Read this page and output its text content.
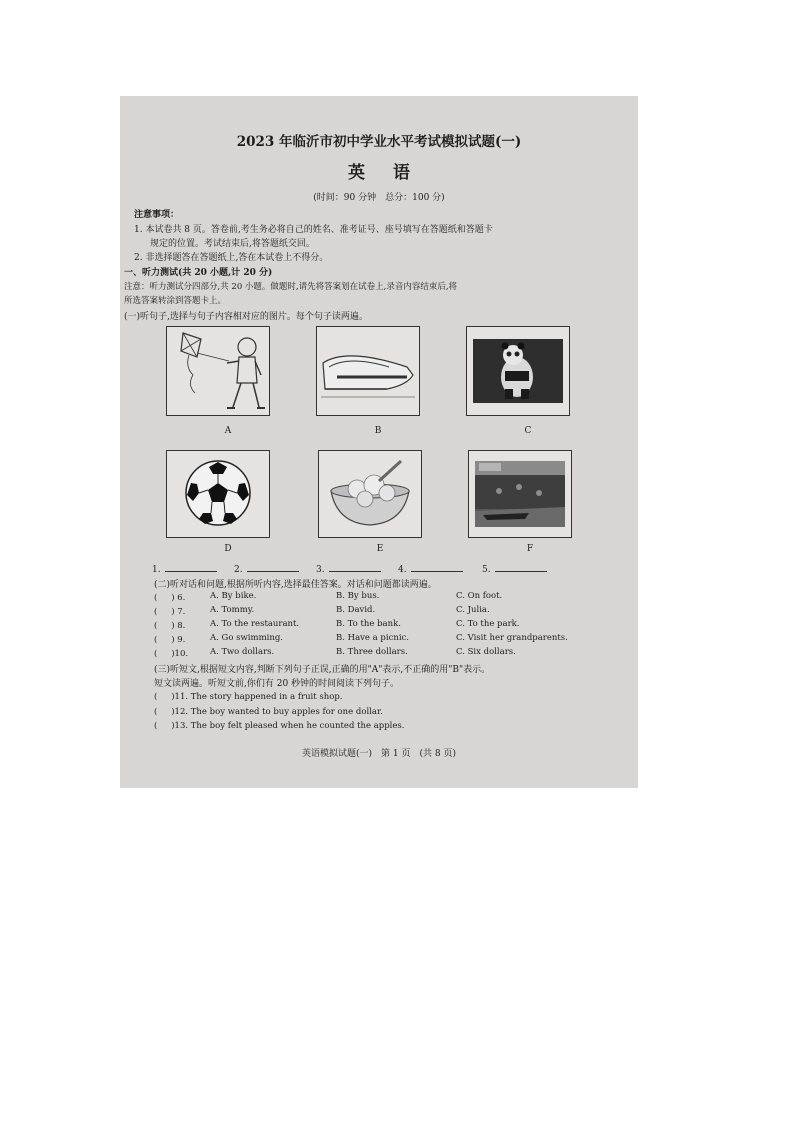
2023 年临沂市初中学业水平考试模拟试题(一)
英语
(时间：90 分钟　总分：100 分)
注意事项：
1. 本试卷共 8 页。答卷前,考生务必将自己的姓名、准考证号、座号填写在答题纸和答题卡
规定的位置。考试结束后,将答题纸交回。
2. 非选择题答在答题纸上,答在本试卷上不得分。
一、听力测试(共 20 小题,计 20 分)
注意：听力测试分四部分,共 20 小题。做题时,请先将答案划在试卷上,录音内容结束后,将
所选答案转涂到答题卡上。
(一)听句子,选择与句子内容相对应的图片。每个句子读两遍。
A	B	C
D	E	F
1.	2.	3.	4.	5.
(二)听对话和问题,根据所听内容,选择最佳答案。对话和问题都读两遍。
( 　 ) 6.	A. By bike.	B. By bus.	C. On foot.
( 　 ) 7.	A. Tommy.	B. David.	C. Julia.
( 　 ) 8.	A. To the restaurant.	B. To the bank.	C. To the park.
( 　 ) 9.	A. Go swimming.	B. Have a picnic.	C. Visit her grandparents.
( 　 )10.	A. Two dollars.	B. Three dollars.	C. Six dollars.
(三)听短文,根据短文内容,判断下列句子正误,正确的用"A"表示,不正确的用"B"表示。
短文读两遍。听短文前,你们有 20 秒钟的时间阅读下列句子。
( 　 )11. The story happened in a fruit shop.
( 　 )12. The boy wanted to buy apples for one dollar.
( 　 )13. The boy felt pleased when he counted the apples.
英语模拟试题(一)　第 1 页　(共 8 页)
